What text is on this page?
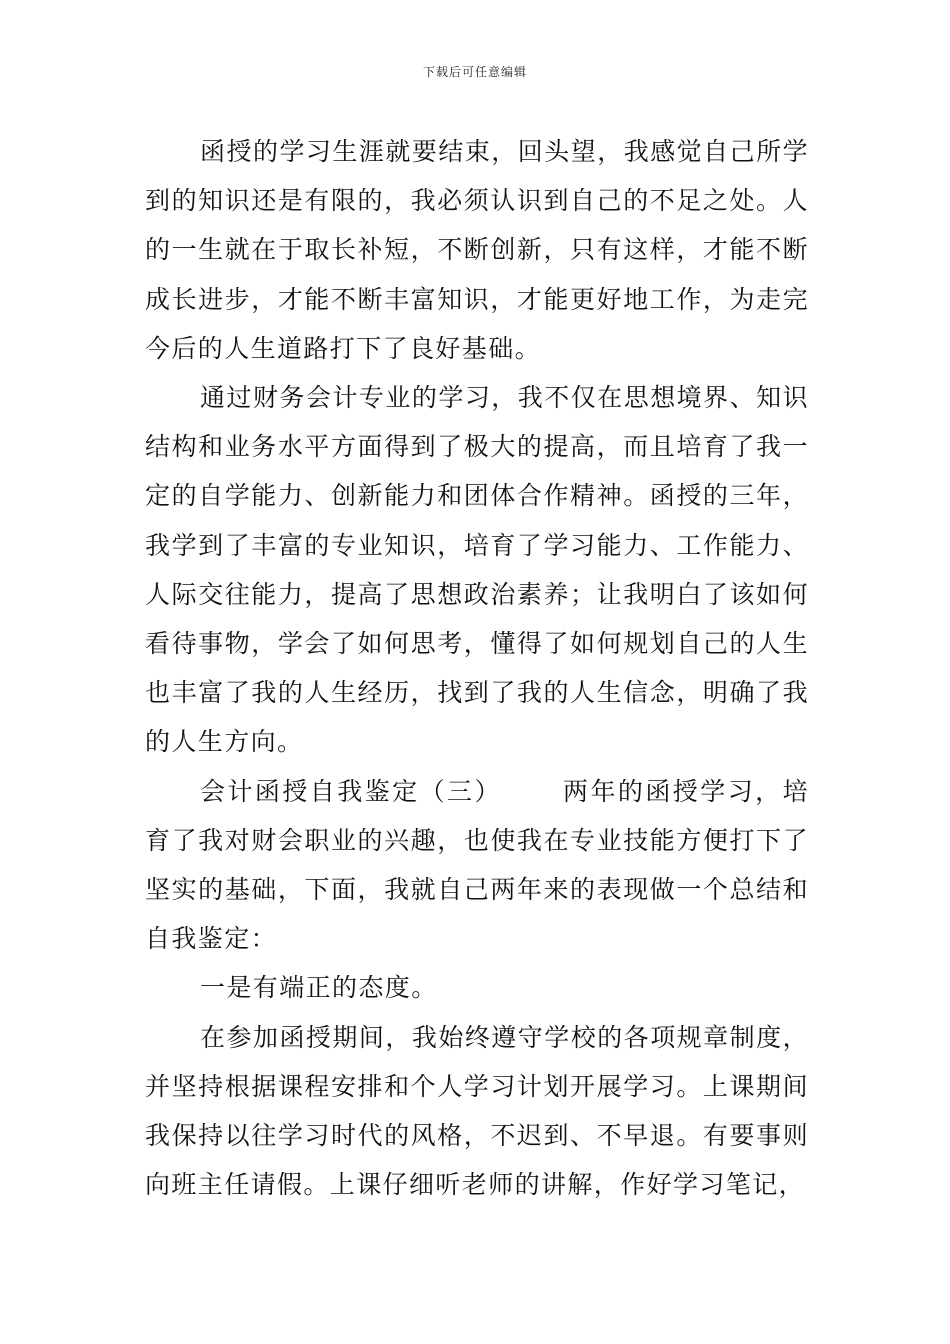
下载后可任意编辑

函授的学习生涯就要结束，回头望，我感觉自己所学到的知识还是有限的，我必须认识到自己的不足之处。人的一生就在于取长补短，不断创新，只有这样，才能不断成长进步，才能不断丰富知识，才能更好地工作，为走完今后的人生道路打下了良好基础。

通过财务会计专业的学习，我不仅在思想境界、知识结构和业务水平方面得到了极大的提高，而且培育了我一定的自学能力、创新能力和团体合作精神。函授的三年，我学到了丰富的专业知识，培育了学习能力、工作能力、人际交往能力，提高了思想政治素养；让我明白了该如何看待事物，学会了如何思考，懂得了如何规划自己的人生也丰富了我的人生经历，找到了我的人生信念，明确了我的人生方向。

会计函授自我鉴定（三） 两年的函授学习，培育了我对财会职业的兴趣，也使我在专业技能方便打下了坚实的基础，下面，我就自己两年来的表现做一个总结和自我鉴定：

一是有端正的态度。

在参加函授期间，我始终遵守学校的各项规章制度，并坚持根据课程安排和个人学习计划开展学习。上课期间我保持以往学习时代的风格，不迟到、不早退。有要事则向班主任请假。上课仔细听老师的讲解，作好学习笔记，
